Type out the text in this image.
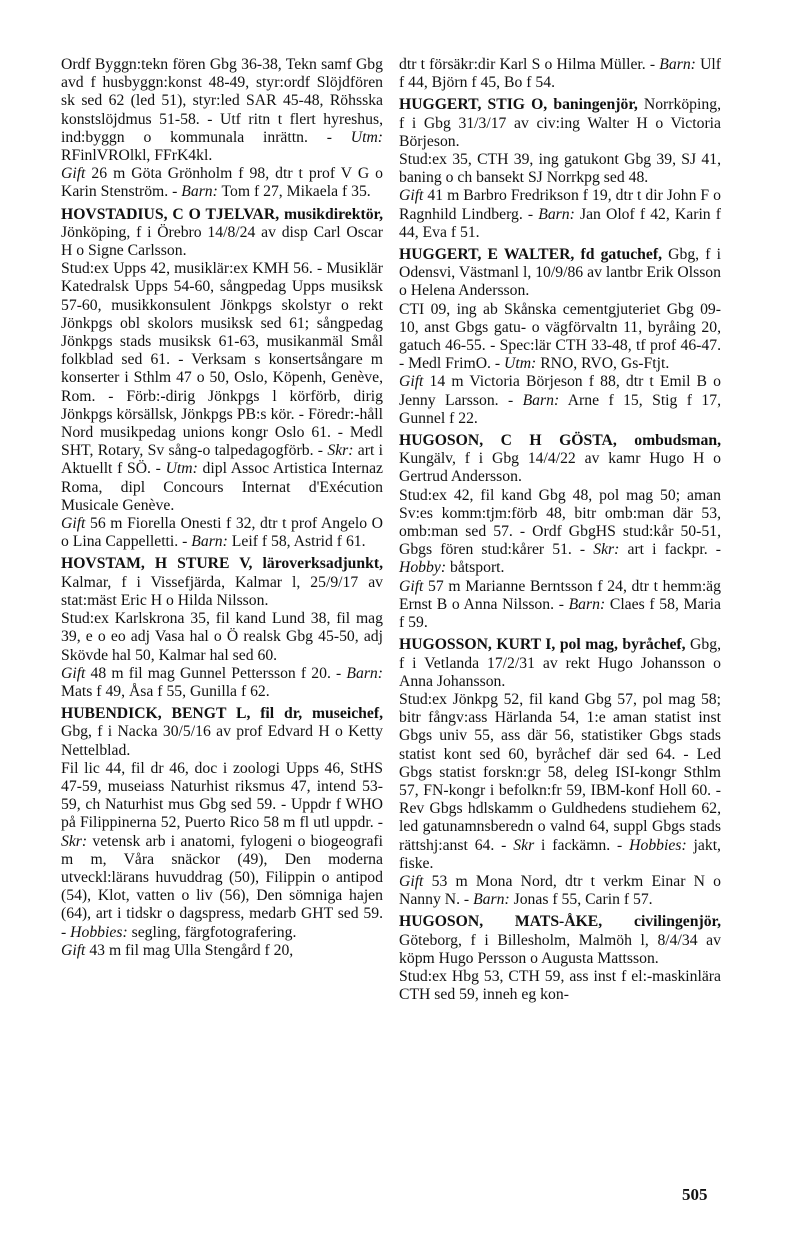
Ordf Byggn:tekn fören Gbg 36-38, Tekn samf Gbg avd f husbyggn:konst 48-49, styr:ordf Slöjdfören sk sed 62 (led 51), styr:led SAR 45-48, Röhsska konstslöjdmus 51-58. - Utf ritn t flert hyreshus, ind:byggn o kommunala inrättn. - Utm: RFinlVROlkl, FFrK4kl.

Gift 26 m Göta Grönholm f 98, dtr t prof V G o Karin Stenström. - Barn: Tom f 27, Mikaela f 35.

HOVSTADIUS, C O TJELVAR, musikdirektör, Jönköping, f i Örebro 14/8/24 av disp Carl Oscar H o Signe Carlsson.

Stud:ex Upps 42, musiklär:ex KMH 56. - Musiklär Katedralsk Upps 54-60, sångpedag Upps musiksk 57-60, musikkonsulent Jönkpgs skolstyr o rekt Jönkpgs obl skolors musiksk sed 61; sångpedag Jönkpgs stads musiksk 61-63, musikanmäl Smål folkblad sed 61. - Verksam s konsertsångare m konserter i Sthlm 47 o 50, Oslo, Köpenh, Genève, Rom. - Förb:-dirig Jönkpgs l körförb, dirig Jönkpgs körsällsk, Jönkpgs PB:s kör. - Föredr:-håll Nord musikpedag unions kongr Oslo 61. - Medl SHT, Rotary, Sv sång-o talpedagogförb. - Skr: art i Aktuellt f SÖ. - Utm: dipl Assoc Artistica Internaz Roma, dipl Concours Internat d'Exécution Musicale Genève.

Gift 56 m Fiorella Onesti f 32, dtr t prof Angelo O o Lina Cappelletti. - Barn: Leif f 58, Astrid f 61.

HOVSTAM, H STURE V, läroverksadjunkt, Kalmar, f i Vissefjärda, Kalmar l, 25/9/17 av stat:mäst Eric H o Hilda Nilsson.

Stud:ex Karlskrona 35, fil kand Lund 38, fil mag 39, e o eo adj Vasa hal o Ö realsk Gbg 45-50, adj Skövde hal 50, Kalmar hal sed 60.

Gift 48 m fil mag Gunnel Pettersson f 20. - Barn: Mats f 49, Åsa f 55, Gunilla f 62.

HUBENDICK, BENGT L, fil dr, museichef, Gbg, f i Nacka 30/5/16 av prof Edvard H o Ketty Nettelblad.

Fil lic 44, fil dr 46, doc i zoologi Upps 46, StHS 47-59, museiass Naturhist riksmus 47, intend 53-59, ch Naturhist mus Gbg sed 59. - Uppdr f WHO på Filippinerna 52, Puerto Rico 58 m fl utl uppdr. - Skr: vetensk arb i anatomi, fylogeni o biogeografi m m, Våra snäckor (49), Den moderna utveckl:lärans huvuddrag (50), Filippin o antipod (54), Klot, vatten o liv (56), Den sömniga hajen (64), art i tidskr o dagspress, medarb GHT sed 59. - Hobbies: segling, färgfotografering.

Gift 43 m fil mag Ulla Stengård f 20,

dtr t försäkr:dir Karl S o Hilma Müller. - Barn: Ulf f 44, Björn f 45, Bo f 54.

HUGGERT, STIG O, baningenjör, Norrköping, f i Gbg 31/3/17 av civ:ing Walter H o Victoria Börjeson.

Stud:ex 35, CTH 39, ing gatukont Gbg 39, SJ 41, baning o ch bansekt SJ Norrkpg sed 48.

Gift 41 m Barbro Fredrikson f 19, dtr t dir John F o Ragnhild Lindberg. - Barn: Jan Olof f 42, Karin f 44, Eva f 51.

HUGGERT, E WALTER, fd gatuchef, Gbg, f i Odensvi, Västmanl l, 10/9/86 av lantbr Erik Olsson o Helena Andersson.

CTI 09, ing ab Skånska cementgjuteriet Gbg 09-10, anst Gbgs gatu- o vägförvaltn 11, byråing 20, gatuch 46-55. - Spec:lär CTH 33-48, tf prof 46-47. - Medl FrimO. - Utm: RNO, RVO, Gs-Ftjt.

Gift 14 m Victoria Börjeson f 88, dtr t Emil B o Jenny Larsson. - Barn: Arne f 15, Stig f 17, Gunnel f 22.

HUGOSON, C H GÖSTA, ombudsman, Kungälv, f i Gbg 14/4/22 av kamr Hugo H o Gertrud Andersson.

Stud:ex 42, fil kand Gbg 48, pol mag 50; aman Sv:es komm:tjm:förb 48, bitr omb:man där 53, omb:man sed 57. - Ordf GbgHS stud:kår 50-51, Gbgs fören stud:kårer 51. - Skr: art i fackpr. - Hobby: båtsport.

Gift 57 m Marianne Berntsson f 24, dtr t hemm:äg Ernst B o Anna Nilsson. - Barn: Claes f 58, Maria f 59.

HUGOSSON, KURT I, pol mag, byråchef, Gbg, f i Vetlanda 17/2/31 av rekt Hugo Johansson o Anna Johansson.

Stud:ex Jönkpg 52, fil kand Gbg 57, pol mag 58; bitr fångv:ass Härlanda 54, 1:e aman statist inst Gbgs univ 55, ass där 56, statistiker Gbgs stads statist kont sed 60, byråchef där sed 64. - Led Gbgs statist forskn:gr 58, deleg ISI-kongr Sthlm 57, FN-kongr i befolkn:fr 59, IBM-konf Holl 60. - Rev Gbgs hdlskamm o Guldhedens studiehem 62, led gatunamnsberedn o valnd 64, suppl Gbgs stads rättshj:anst 64. - Skr i fackämn. - Hobbies: jakt, fiske.

Gift 53 m Mona Nord, dtr t verkm Einar N o Nanny N. - Barn: Jonas f 55, Carin f 57.

HUGOSON, MATS-ÅKE, civilingenjör, Göteborg, f i Billesholm, Malmöh l, 8/4/34 av köpm Hugo Persson o Augusta Mattsson.

Stud:ex Hbg 53, CTH 59, ass inst f el:-maskinlära CTH sed 59, inneh eg kon-

505
